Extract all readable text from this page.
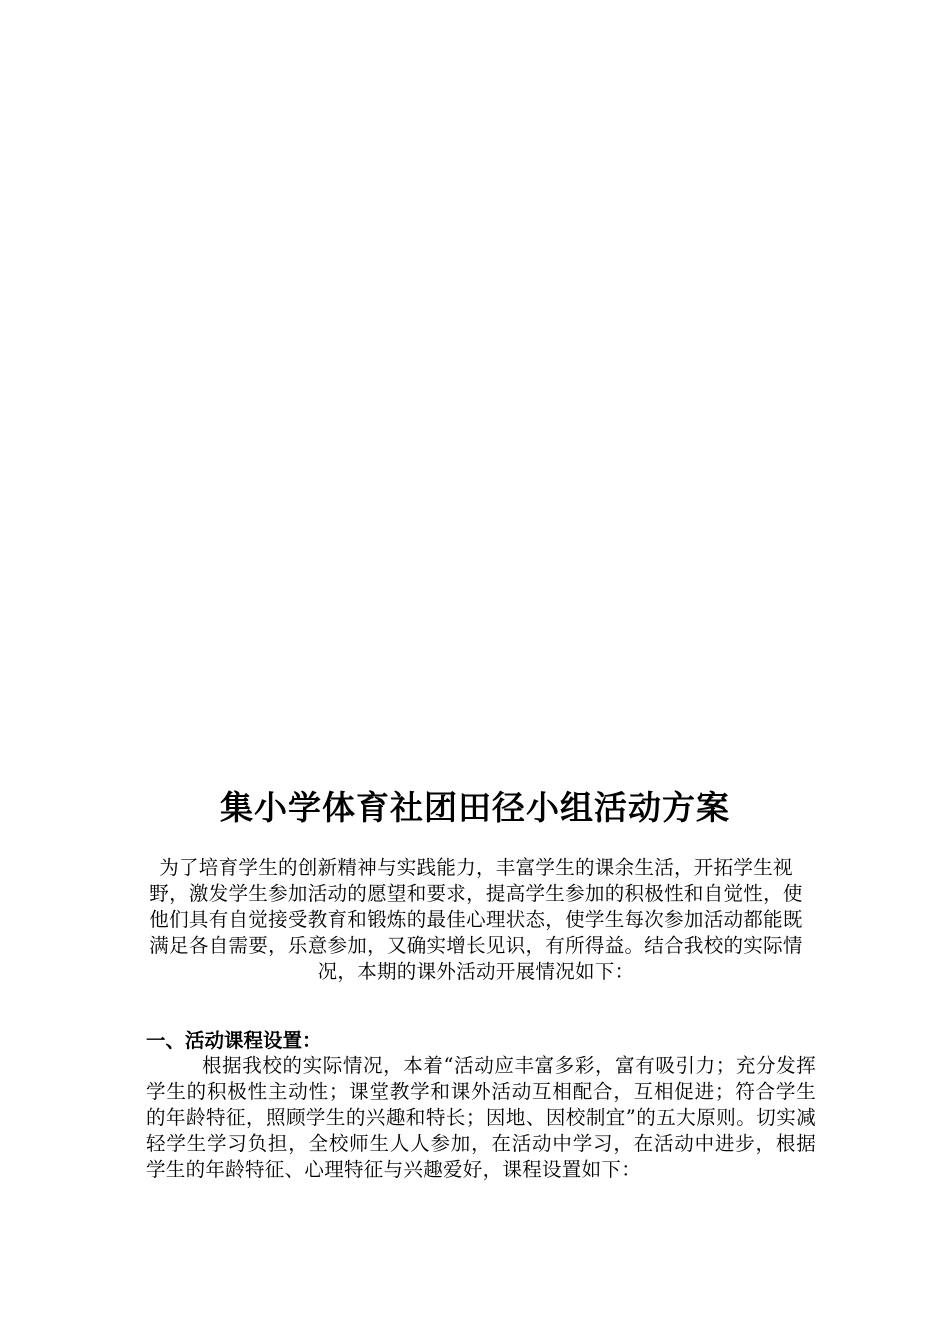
集小学体育社团田径小组活动方案

为了培育学生的创新精神与实践能力，丰富学生的课余生活，开拓学生视野，激发学生参加活动的愿望和要求，提高学生参加的积极性和自觉性，使他们具有自觉接受教育和锻炼的最佳心理状态，使学生每次参加活动都能既满足各自需要，乐意参加，又确实增长见识，有所得益。结合我校的实际情况，本期的课外活动开展情况如下：

一、活动课程设置：

根据我校的实际情况，本着“活动应丰富多彩，富有吸引力；充分发挥学生的积极性主动性；课堂教学和课外活动互相配合，互相促进；符合学生的年龄特征，照顾学生的兴趣和特长；因地、因校制宜”的五大原则。切实减轻学生学习负担，全校师生人人参加，在活动中学习，在活动中进步，根据学生的年龄特征、心理特征与兴趣爱好，课程设置如下：
